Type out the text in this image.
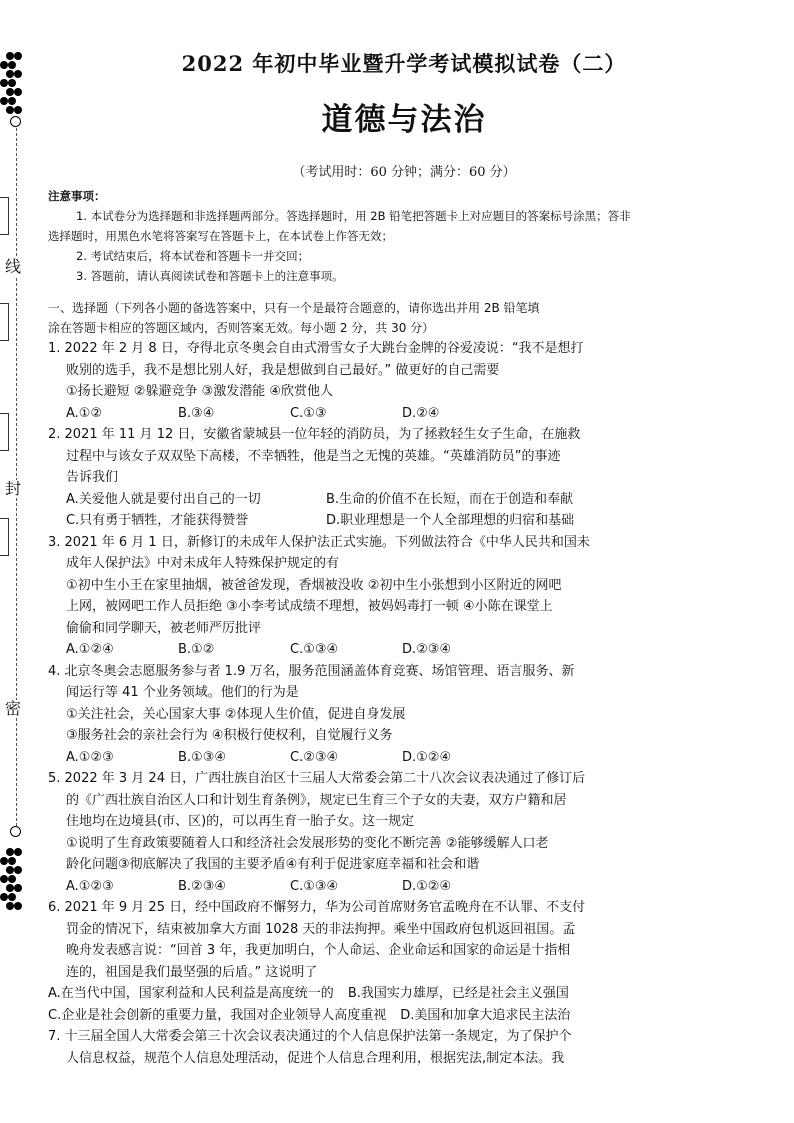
线
封
密
2022 年初中毕业暨升学考试模拟试卷（二）
道德与法治
（考试用时：60 分钟；满分：60 分）
注意事项：
1. 本试卷分为选择题和非选择题两部分。答选择题时，用 2B 铅笔把答题卡上对应题目的答案标号涂黑；答非
选择题时，用黑色水笔将答案写在答题卡上，在本试卷上作答无效；
2. 考试结束后，将本试卷和答题卡一并交回；
3. 答题前，请认真阅读试卷和答题卡上的注意事项。
一、选择题（下列各小题的备选答案中，只有一个是最符合题意的，请你选出并用 2B 铅笔填
涂在答题卡相应的答题区域内，否则答案无效。每小题 2 分，共 30 分）
1. 2022 年 2 月 8 日，夺得北京冬奥会自由式滑雪女子大跳台金牌的谷爱凌说：“我不是想打
败别的选手，我不是想比别人好，我是想做到自己最好。” 做更好的自己需要
①扬长避短 ②躲避竞争 ③激发潜能 ④欣赏他人
A.①②	B.③④	C.①③	D.②④
2. 2021 年 11 月 12 日，安徽省蒙城县一位年轻的消防员，为了拯救轻生女子生命，在施救
过程中与该女子双双坠下高楼，不幸牺牲，他是当之无愧的英雄。“英雄消防员”的事迹
告诉我们
A.关爱他人就是要付出自己的一切	B.生命的价值不在长短，而在于创造和奉献
C.只有勇于牺牲，才能获得赞誉	D.职业理想是一个人全部理想的归宿和基础
3. 2021 年 6 月 1 日，新修订的未成年人保护法正式实施。下列做法符合《中华人民共和国未
成年人保护法》中对未成年人特殊保护规定的有
①初中生小王在家里抽烟，被爸爸发现，香烟被没收 ②初中生小张想到小区附近的网吧
上网，被网吧工作人员拒绝 ③小李考试成绩不理想，被妈妈毒打一顿 ④小陈在课堂上
偷偷和同学聊天，被老师严厉批评
A.①②④	B.①②	C.①③④	D.②③④
4. 北京冬奥会志愿服务参与者 1.9 万名，服务范围涵盖体育竞赛、场馆管理、语言服务、新
闻运行等 41 个业务领域。他们的行为是
①关注社会，关心国家大事 ②体现人生价值，促进自身发展
③服务社会的亲社会行为 ④积极行使权利，自觉履行义务
A.①②③	B.①③④	C.②③④	D.①②④
5. 2022 年 3 月 24 日，广西壮族自治区十三届人大常委会第二十八次会议表决通过了修订后
的《广西壮族自治区人口和计划生育条例》，规定已生育三个子女的夫妻，双方户籍和居
住地均在边境县(市、区)的，可以再生育一胎子女。这一规定
①说明了生育政策要随着人口和经济社会发展形势的变化不断完善 ②能够缓解人口老
龄化问题③彻底解决了我国的主要矛盾④有利于促进家庭幸福和社会和谐
A.①②③	B.②③④	C.①③④	D.①②④
6. 2021 年 9 月 25 日，经中国政府不懈努力，华为公司首席财务官孟晚舟在不认罪、不支付
罚金的情况下，结束被加拿大方面 1028 天的非法拘押。乘坐中国政府包机返回祖国。孟
晚舟发表感言说：“回首 3 年，我更加明白，个人命运、企业命运和国家的命运是十指相
连的，祖国是我们最坚强的后盾。” 这说明了
A.在当代中国，国家利益和人民利益是高度统一的 B.我国实力雄厚，已经是社会主义强国
C.企业是社会创新的重要力量，我国对企业领导人高度重视 D.美国和加拿大追求民主法治
7. 十三届全国人大常委会第三十次会议表决通过的个人信息保护法第一条规定，为了保护个
人信息权益，规范个人信息处理活动，促进个人信息合理利用，根据宪法,制定本法。我
